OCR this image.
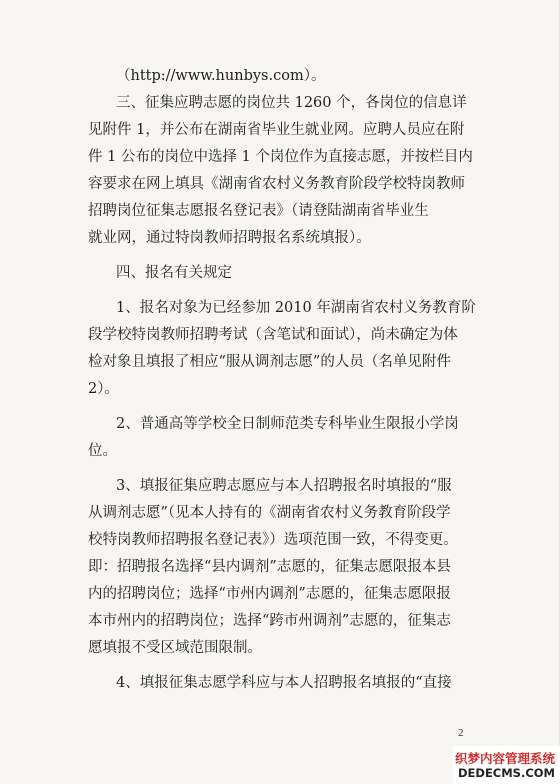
（http://www.hunbys.com）。
三、征集应聘志愿的岗位共 1260 个，各岗位的信息详
见附件 1，并公布在湖南省毕业生就业网。应聘人员应在附
件 1 公布的岗位中选择 1 个岗位作为直接志愿，并按栏目内
容要求在网上填具《湖南省农村义务教育阶段学校特岗教师
招聘岗位征集志愿报名登记表》（请登陆湖南省毕业生
就业网，通过特岗教师招聘报名系统填报）。
四、报名有关规定
1、报名对象为已经参加 2010 年湖南省农村义务教育阶
段学校特岗教师招聘考试（含笔试和面试），尚未确定为体
检对象且填报了相应“服从调剂志愿”的人员（名单见附件
2）。
2、普通高等学校全日制师范类专科毕业生限报小学岗
位。
3、填报征集应聘志愿应与本人招聘报名时填报的“服
从调剂志愿”（见本人持有的《湖南省农村义务教育阶段学
校特岗教师招聘报名登记表》）选项范围一致，不得变更。
即：招聘报名选择“县内调剂”志愿的，征集志愿限报本县
内的招聘岗位；选择“市州内调剂”志愿的，征集志愿限报
本市州内的招聘岗位；选择“跨市州调剂”志愿的，征集志
愿填报不受区域范围限制。
4、填报征集志愿学科应与本人招聘报名填报的“直接
2
织梦内容管理系统
DEDECMS.COM
